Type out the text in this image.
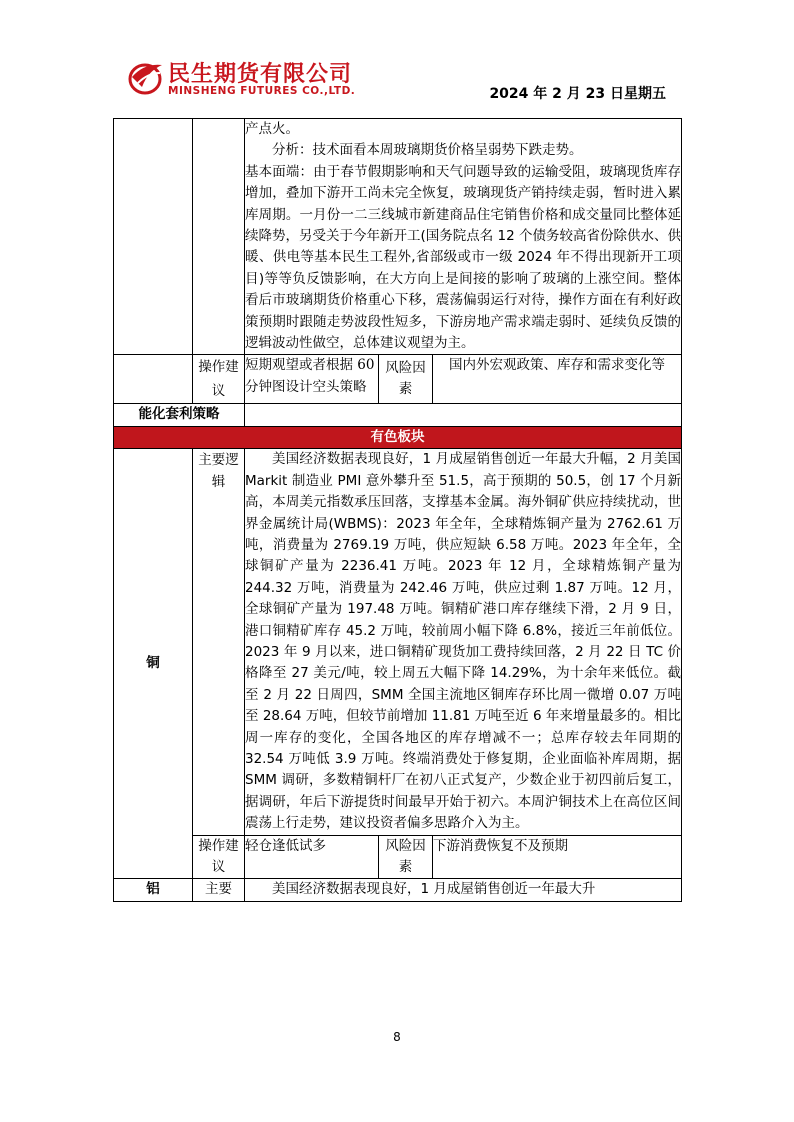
民生期货有限公司
MINSHENG FUTURES CO.,LTD.	2024 年 2 月 23 日星期五

		产点火。

分析：技术面看本周玻璃期货价格呈弱势下跌走势。

基本面端：由于春节假期影响和天气问题导致的运输受阻，玻璃现货库存增加，叠加下游开工尚未完全恢复，玻璃现货产销持续走弱，暂时进入累库周期。一月份一二三线城市新建商品住宅销售价格和成交量同比整体延续降势，另受关于今年新开工(国务院点名 12 个债务较高省份除供水、供暖、供电等基本民生工程外,省部级或市一级 2024 年不得出现新开工项目)等等负反馈影响，在大方向上是间接的影响了玻璃的上涨空间。整体看后市玻璃期货价格重心下移，震荡偏弱运行对待，操作方面在有利好政策预期时跟随走势波段性短多，下游房地产需求端走弱时、延续负反馈的逻辑波动性做空，总体建议观望为主。		

	操作建议	短期观望或者根据 60 分钟图设计空头策略	风险因素	国内外宏观政策、库存和需求变化等
能化套利策略				
有色板块				
铜	主要逻辑	美国经济数据表现良好，1 月成屋销售创近一年最大升幅，2 月美国 Markit 制造业 PMI 意外攀升至 51.5，高于预期的 50.5，创 17 个月新高，本周美元指数承压回落，支撑基本金属。海外铜矿供应持续扰动，世界金属统计局(WBMS)：2023 年全年，全球精炼铜产量为 2762.61 万吨，消费量为 2769.19 万吨，供应短缺 6.58 万吨。2023 年全年，全球铜矿产量为 2236.41 万吨。2023 年 12 月，全球精炼铜产量为 244.32 万吨，消费量为 242.46 万吨，供应过剩 1.87 万吨。12 月，全球铜矿产量为 197.48 万吨。铜精矿港口库存继续下滑，2 月 9 日，港口铜精矿库存 45.2 万吨，较前周小幅下降 6.8%，接近三年前低位。2023 年 9 月以来，进口铜精矿现货加工费持续回落，2 月 22 日 TC 价格降至 27 美元/吨，较上周五大幅下降 14.29%，为十余年来低位。截至 2 月 22 日周四，SMM 全国主流地区铜库存环比周一微增 0.07 万吨至 28.64 万吨，但较节前增加 11.81 万吨至近 6 年来增量最多的。相比周一库存的变化，全国各地区的库存增减不一；总库存较去年同期的 32.54 万吨低 3.9 万吨。终端消费处于修复期，企业面临补库周期，据 SMM 调研，多数精铜杆厂在初八正式复产，少数企业于初四前后复工，据调研，年后下游提货时间最早开始于初六。本周沪铜技术上在高位区间震荡上行走势，建议投资者偏多思路介入为主。		
	操作建议	轻仓逢低试多	风险因素	下游消费恢复不及预期
铝	主要	美国经济数据表现良好，1 月成屋销售创近一年最大升		
8
